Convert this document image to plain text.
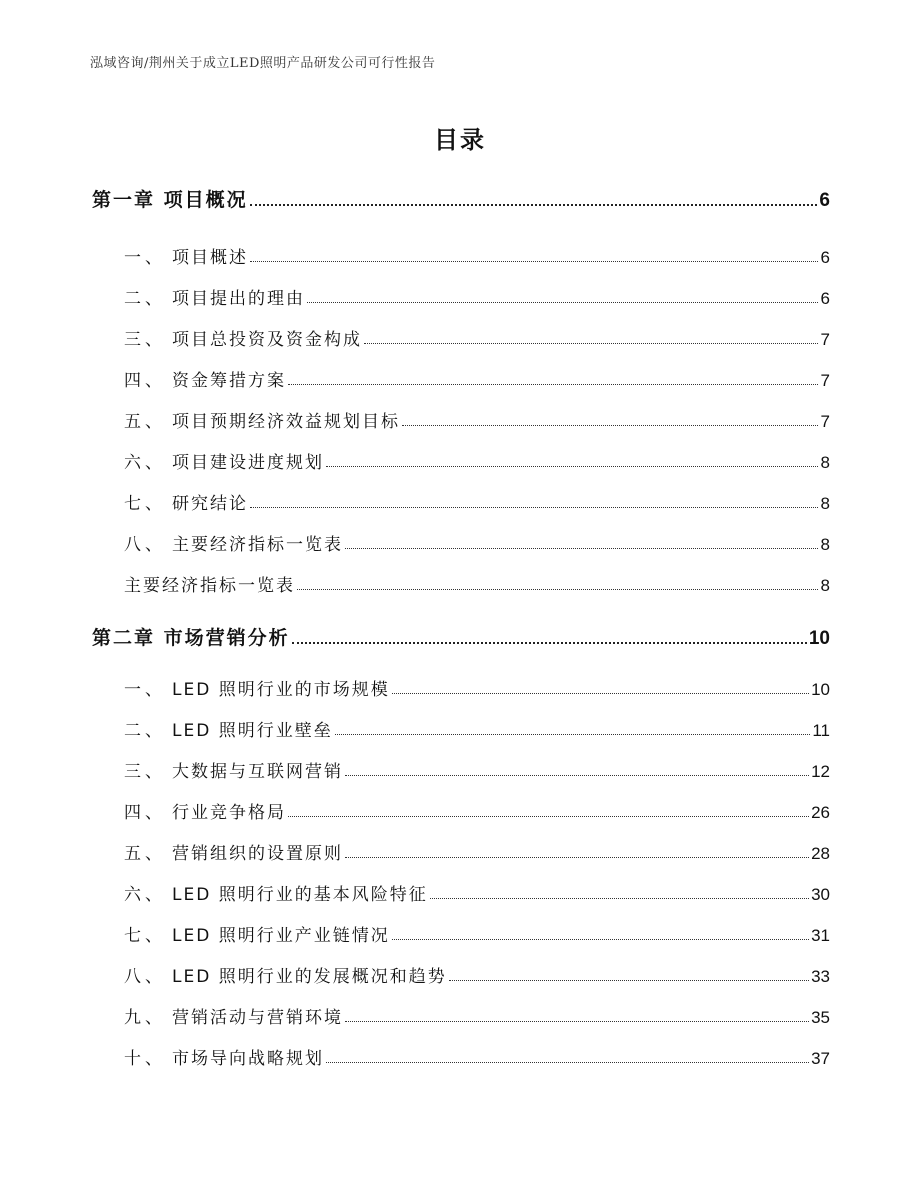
泓域咨询/荆州关于成立LED照明产品研发公司可行性报告
目录
第一章 项目概况	6
一、 项目概述	6
二、 项目提出的理由	6
三、 项目总投资及资金构成	7
四、 资金筹措方案	7
五、 项目预期经济效益规划目标	7
六、 项目建设进度规划	8
七、 研究结论	8
八、 主要经济指标一览表	8
主要经济指标一览表	8
第二章 市场营销分析	10
一、 LED 照明行业的市场规模	10
二、 LED 照明行业壁垒	11
三、 大数据与互联网营销	12
四、 行业竞争格局	26
五、 营销组织的设置原则	28
六、 LED 照明行业的基本风险特征	30
七、 LED 照明行业产业链情况	31
八、 LED 照明行业的发展概况和趋势	33
九、 营销活动与营销环境	35
十、 市场导向战略规划	37
